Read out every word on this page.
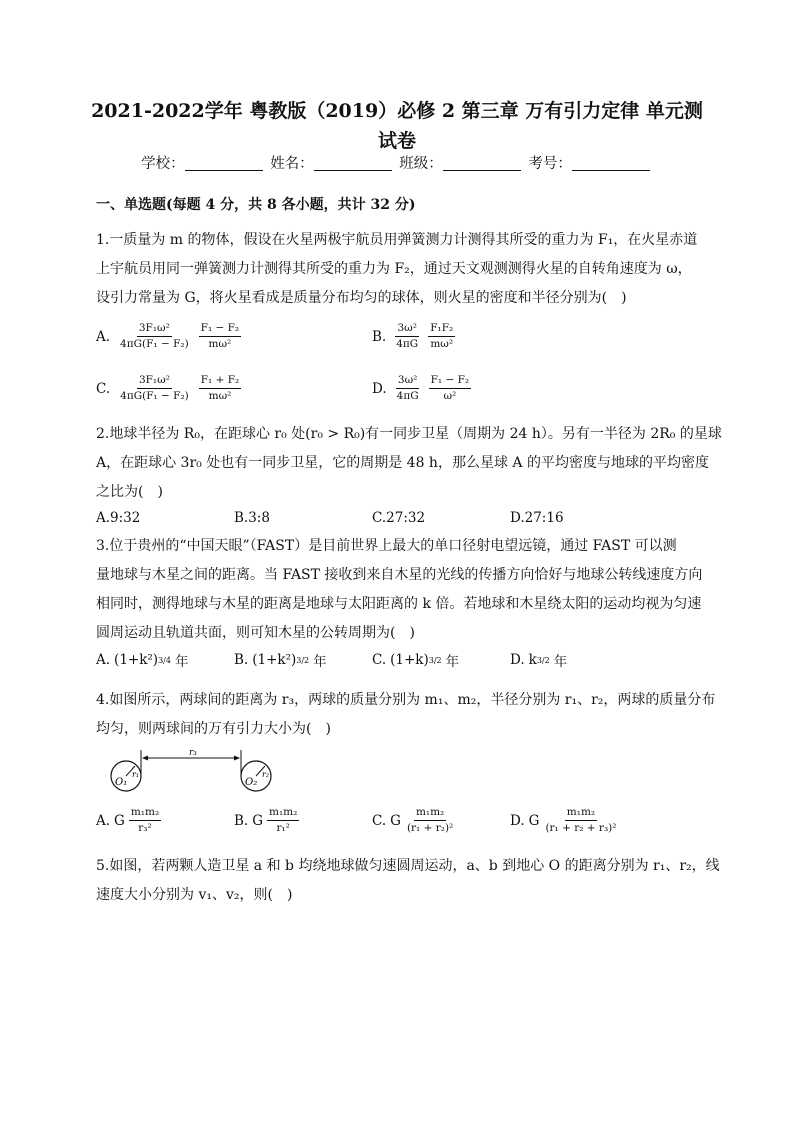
2021-2022学年 粤教版（2019）必修 2 第三章 万有引力定律 单元测
试卷
学校：	姓名：	班级：	考号：
一、单选题(每题 4 分，共 8 各小题，共计 32 分)
1.一质量为 m 的物体，假设在火星两极宇航员用弹簧测力计测得其所受的重力为 F₁，在火星赤道
上宇航员用同一弹簧测力计测得其所受的重力为 F₂，通过天文观测测得火星的自转角速度为 ω，
设引力常量为 G，将火星看成是质量分布均匀的球体，则火星的密度和半径分别为(　)
A. $\frac{\text{3F₁ω²}}{\text{4πG(F₁ − F₂)}} \frac{\text{F₁ − F₂}}{\text{mω²}}$	B. $\frac{\text{3ω²}}{4\pi G} \frac{\text{F₁F₂}}{\text{mω²}}$
C. $\frac{\text{3F₁ω²}}{\text{4πG(F₁ − F₂)}} \frac{\text{F₁ + F₂}}{\text{mω²}}$	D. $\frac{\text{3ω²}}{4\pi G} \frac{\text{F₁ − F₂}}{\text{ω²}}$
2.地球半径为 R₀，在距球心 r₀ 处(r₀ > R₀)有一同步卫星（周期为 24 h）。另有一半径为 2R₀ 的星球
A，在距球心 3r₀ 处也有一同步卫星，它的周期是 48 h，那么星球 A 的平均密度与地球的平均密度
之比为(　)
A.9:32	B.3:8	C.27:32	D.27:16
3.位于贵州的“中国天眼”（FAST）是目前世界上最大的单口径射电望远镜，通过 FAST 可以测
量地球与木星之间的距离。当 FAST 接收到来自木星的光线的传播方向恰好与地球公转线速度方向
相同时，测得地球与木星的距离是地球与太阳距离的 k 倍。若地球和木星绕太阳的运动均视为匀速
圆周运动且轨道共面，则可知木星的公转周期为(　)
A. (1+k²) 3/4 年	B. (1+k²) 3/2 年	C. (1+k) 3/2 年	D. k 3/2 年
4.如图所示，两球间的距离为 r₃，两球的质量分别为 m₁、m₂，半径分别为 r₁、r₂，两球的质量分布
均匀，则两球间的万有引力大小为(　)
r₃
O₁
r₁
O₂
r₂
A. G $\frac{\text{m₁m₂}}{\text{r₃²}}$	B. G $\frac{\text{m₁m₂}}{\text{r₁²}}$	C. G $\frac{\text{m₁m₂}}{\text{(r₁ + r₂)²}}$	D. G $\frac{\text{m₁m₂}}{\text{(r₁ + r₂ + r₃)²}}$
5.如图，若两颗人造卫星 a 和 b 均绕地球做匀速圆周运动，a、b 到地心 O 的距离分别为 r₁、r₂，线
速度大小分别为 v₁、v₂，则(　)
